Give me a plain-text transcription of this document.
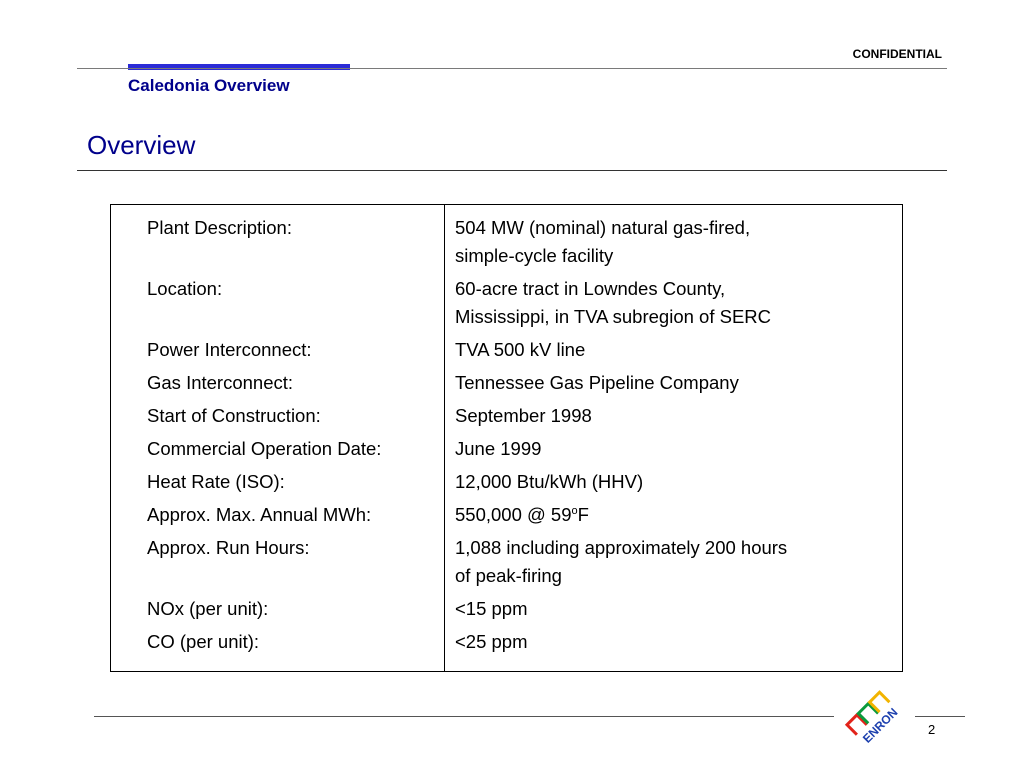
CONFIDENTIAL
Caledonia Overview
Overview
Plant Description:	504 MW (nominal) natural gas-fired,
simple-cycle facility
Location:	60-acre tract in Lowndes County,
Mississippi, in TVA subregion of SERC
Power Interconnect:	TVA 500 kV line
Gas Interconnect:	Tennessee Gas Pipeline Company
Start of Construction:	September 1998
Commercial Operation Date:	June 1999
Heat Rate (ISO):	12,000 Btu/kWh (HHV)
Approx. Max. Annual MWh:	550,000 @ 59$^o$F
Approx. Run Hours:	1,088 including approximately 200 hours
of peak-firing
NOx (per unit):	<15 ppm
CO (per unit):	<25 ppm
ENRON 2
